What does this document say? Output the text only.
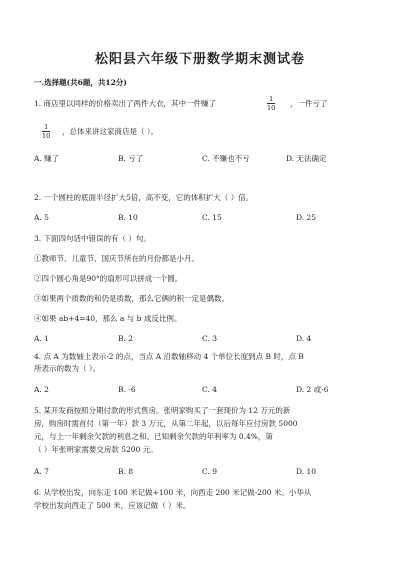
松阳县六年级下册数学期末测试卷
一.选择题(共6题，共12分)
1. 商店里以同样的价格卖出了两件大衣，其中一件赚了	$\frac{1}{10}$ ，一件亏了
$\frac{1}{10}$ ，总体来讲这家商店是（ ）。
A. 赚了	B. 亏了	C. 不赚也不亏	D. 无法确定
2. 一个圆柱的底面半径扩大5倍，高不变，它的体积扩大（ ）倍。
A. 5	B. 10	C. 15	D. 25
3. 下面四句话中错误的有（ ）句。
①教师节、儿童节、国庆节所在的月份都是小月。
②四个圆心角是90°的扇形可以拼成一个圆。
③如果两个质数的和仍是质数，那么它俩的积一定是偶数。
④如果 ab+4=40，那么 a 与 b 成反比例。
A. 1	B. 2	C. 3	D. 4
4. 点 A 为数轴上表示-2 的点，当点 A 沿数轴移动 4 个单位长度到点 B 时，点 B
所表示的数为（ ）。
A. 2	B. -6	C. 4	D. 2 或-6
5. 某开发商按照分期付款的形式售房。张明家购买了一套现价为 12 万元的新
房，购房时需首付（第一年）款 3 万元，从第二年起，以后每年应付房款 5000
元，与上一年剩余欠款的利息之和。已知剩余欠款的年利率为 0.4%，第
（ ）年张明家需要交房款 5200 元。
A. 7	B. 8	C. 9	D. 10
6. 从学校出发，向东走 100 米记做+100 米，向西走 200 米记做-200 米。小华从
学校出发向西走了 500 米，应该记做（ ）米。
